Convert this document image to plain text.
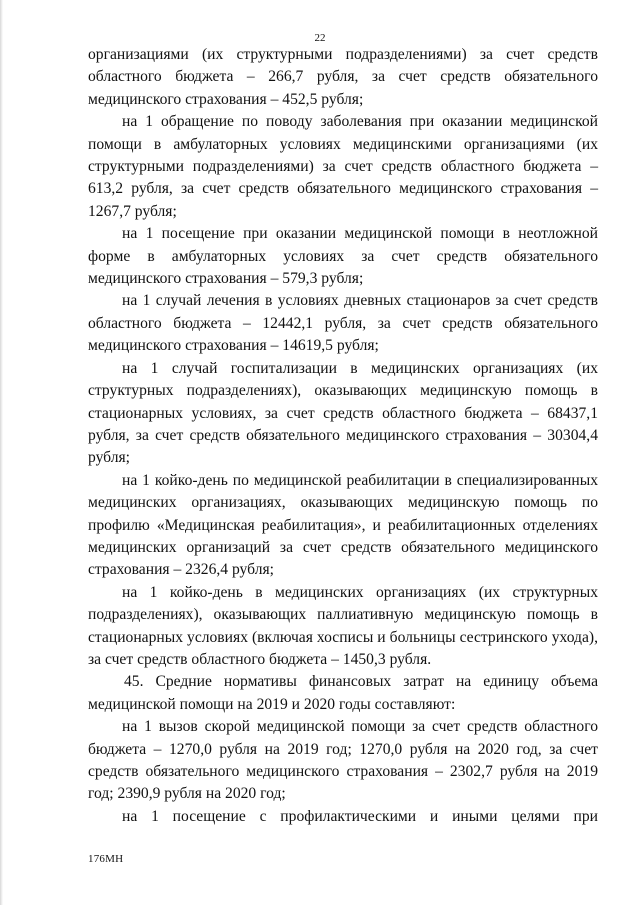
22

организациями (их структурными подразделениями) за счет средств областного бюджета – 266,7 рубля, за счет средств обязательного медицинского страхования – 452,5 рубля;

на 1 обращение по поводу заболевания при оказании медицинской помощи в амбулаторных условиях медицинскими организациями (их структурными подразделениями) за счет средств областного бюджета – 613,2 рубля, за счет средств обязательного медицинского страхования – 1267,7 рубля;

на 1 посещение при оказании медицинской помощи в неотложной форме в амбулаторных условиях за счет средств обязательного медицинского страхования – 579,3 рубля;

на 1 случай лечения в условиях дневных стационаров за счет средств областного бюджета – 12442,1 рубля, за счет средств обязательного медицинского страхования – 14619,5 рубля;

на 1 случай госпитализации в медицинских организациях (их структурных подразделениях), оказывающих медицинскую помощь в стационарных условиях, за счет средств областного бюджета – 68437,1 рубля, за счет средств обязательного медицинского страхования – 30304,4 рубля;

на 1 койко-день по медицинской реабилитации в специализированных медицинских организациях, оказывающих медицинскую помощь по профилю «Медицинская реабилитация», и реабилитационных отделениях медицинских организаций за счет средств обязательного медицинского страхования – 2326,4 рубля;

на 1 койко-день в медицинских организациях (их структурных подразделениях), оказывающих паллиативную медицинскую помощь в стационарных условиях (включая хосписы и больницы сестринского ухода), за счет средств областного бюджета – 1450,3 рубля.

45. Средние нормативы финансовых затрат на единицу объема медицинской помощи на 2019 и 2020 годы составляют:

на 1 вызов скорой медицинской помощи за счет средств областного бюджета – 1270,0 рубля на 2019 год; 1270,0 рубля на 2020 год, за счет средств обязательного медицинского страхования – 2302,7 рубля на 2019 год; 2390,9 рубля на 2020 год;

на 1 посещение с профилактическими и иными целями при

176МН
